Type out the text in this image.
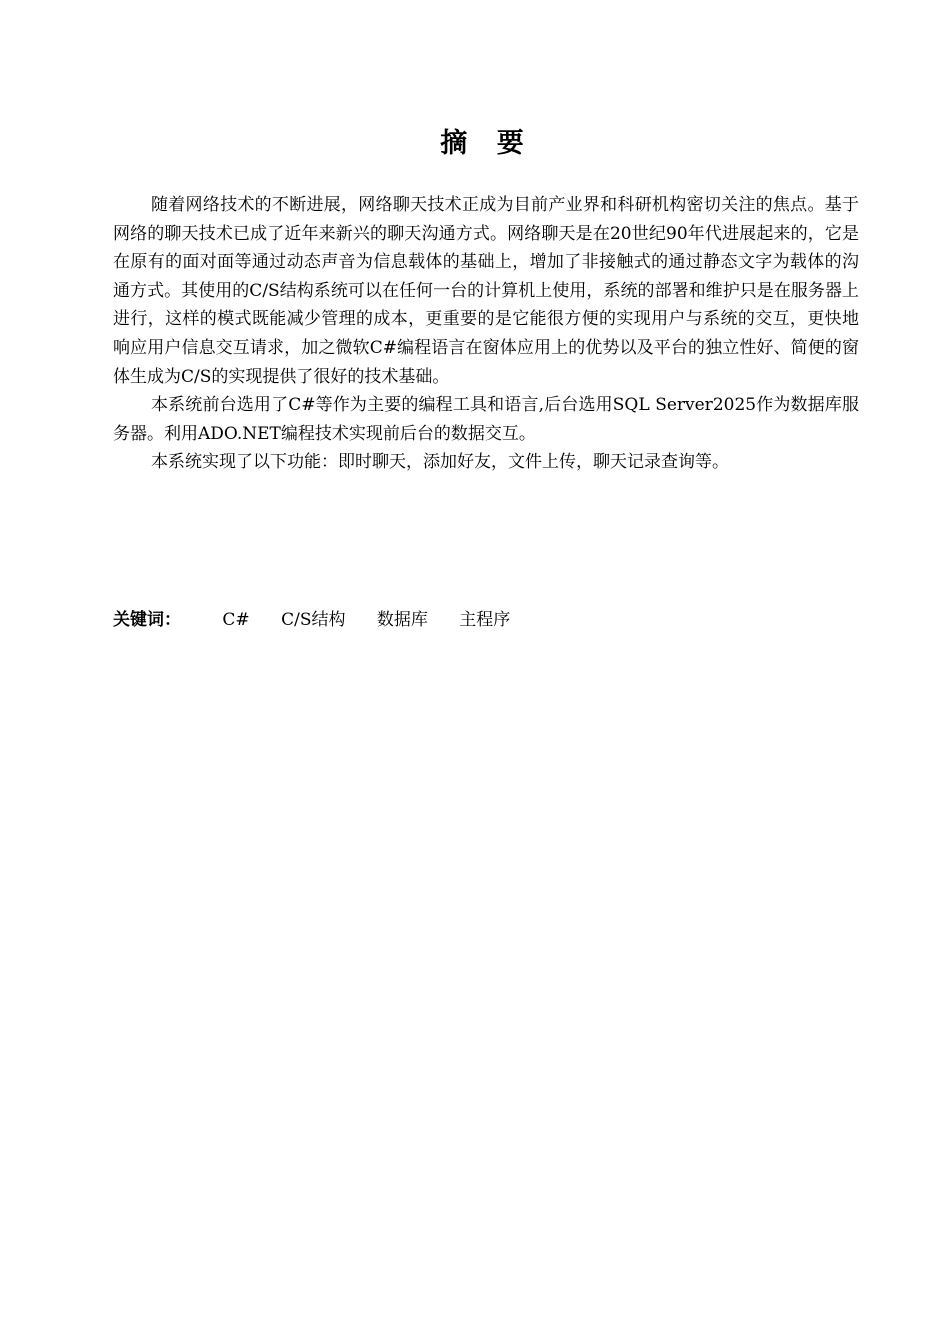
摘 要

随着网络技术的不断进展，网络聊天技术正成为目前产业界和科研机构密切关注的焦点。基于网络的聊天技术已成了近年来新兴的聊天沟通方式。网络聊天是在20世纪90年代进展起来的，它是在原有的面对面等通过动态声音为信息载体的基础上，增加了非接触式的通过静态文字为载体的沟通方式。其使用的C/S结构系统可以在任何一台的计算机上使用，系统的部署和维护只是在服务器上进行，这样的模式既能减少管理的成本，更重要的是它能很方便的实现用户与系统的交互，更快地响应用户信息交互请求，加之微软C#编程语言在窗体应用上的优势以及平台的独立性好、简便的窗体生成为C/S的实现提供了很好的技术基础。

本系统前台选用了C#等作为主要的编程工具和语言,后台选用SQL Server2025作为数据库服务器。利用ADO.NET编程技术实现前后台的数据交互。

本系统实现了以下功能：即时聊天，添加好友，文件上传，聊天记录查询等。

关键词： C# C/S结构 数据库 主程序
